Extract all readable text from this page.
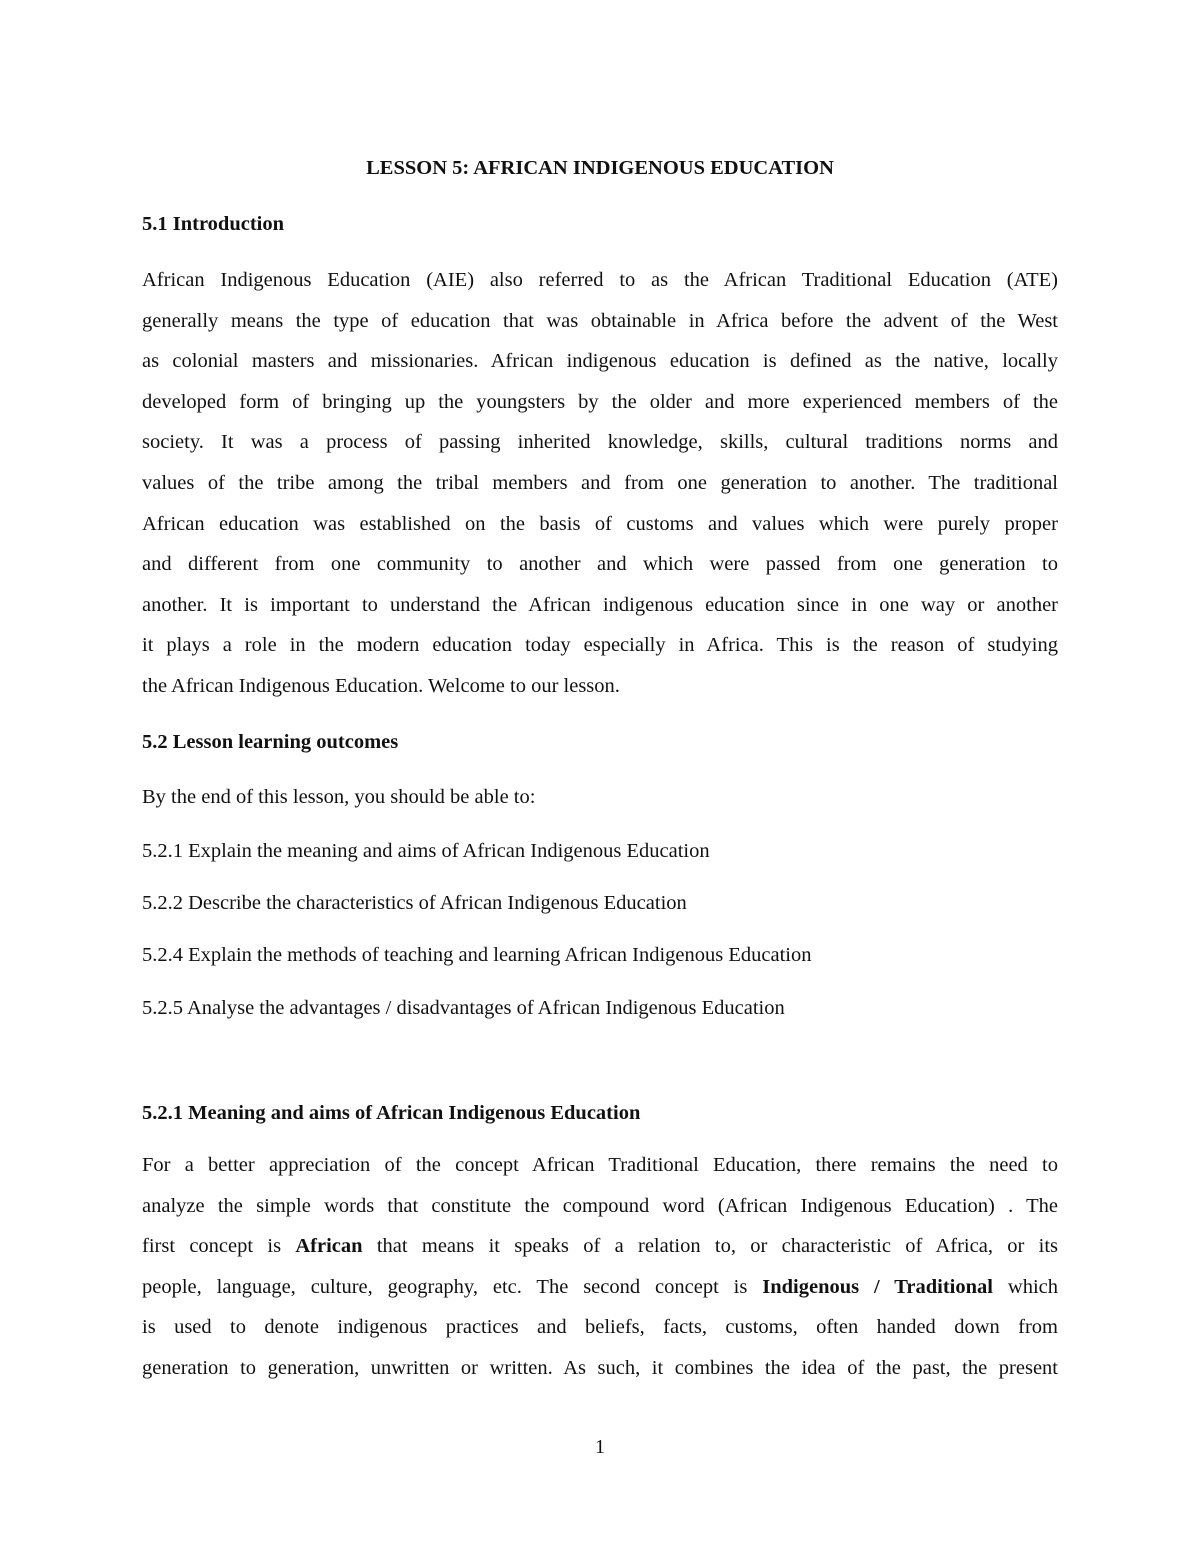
LESSON 5: AFRICAN INDIGENOUS EDUCATION
5.1 Introduction
African Indigenous Education (AIE) also referred to as the African Traditional Education (ATE)
generally means the type of education that was obtainable in Africa before the advent of the West
as colonial masters and missionaries. African indigenous education is defined as the native, locally
developed form of bringing up the youngsters by the older and more experienced members of the
society. It was a process of passing inherited knowledge, skills, cultural traditions norms and
values of the tribe among the tribal members and from one generation to another. The traditional
African education was established on the basis of customs and values which were purely proper
and different from one community to another and which were passed from one generation to
another. It is important to understand the African indigenous education since in one way or another
it plays a role in the modern education today especially in Africa. This is the reason of studying
the African Indigenous Education. Welcome to our lesson.
5.2 Lesson learning outcomes
By the end of this lesson, you should be able to:
5.2.1 Explain the meaning and aims of African Indigenous Education
5.2.2 Describe the characteristics of African Indigenous Education
5.2.4 Explain the methods of teaching and learning African Indigenous Education
5.2.5 Analyse the advantages / disadvantages of African Indigenous Education
5.2.1 Meaning and aims of African Indigenous Education
For a better appreciation of the concept African Traditional Education, there remains the need to
analyze the simple words that constitute the compound word (African Indigenous Education) . The
first concept is African that means it speaks of a relation to, or characteristic of Africa, or its
people, language, culture, geography, etc. The second concept is Indigenous / Traditional which
is used to denote indigenous practices and beliefs, facts, customs, often handed down from
generation to generation, unwritten or written. As such, it combines the idea of the past, the present
1
